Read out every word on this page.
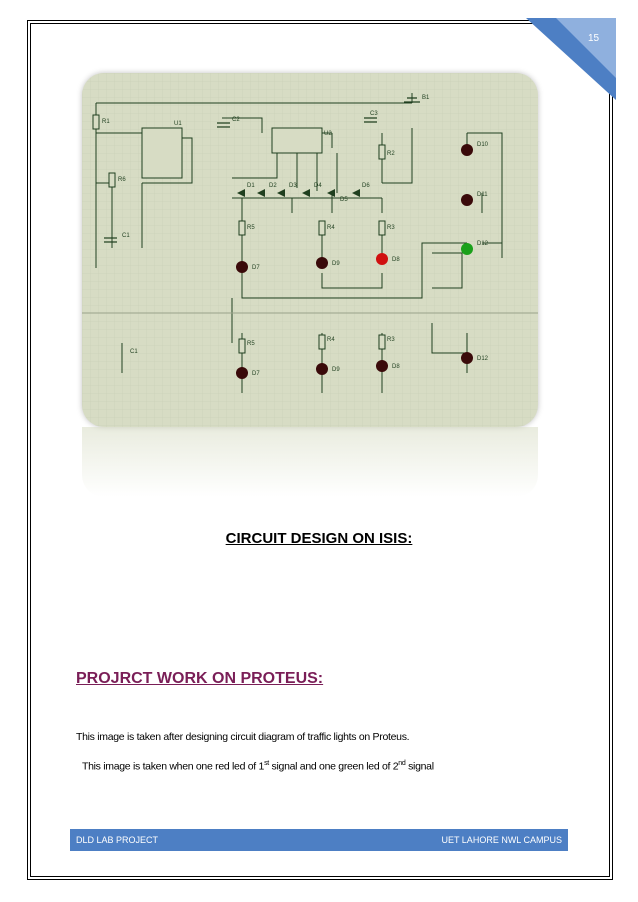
15
R1	U1
C2
U2
C3
B1
R2
R6
C1
D10
D1 D2 D3	D4
D5
D6
D11
D12
R5	R4	R3
D7
D9
D8
R5
R4	R3
C1
D7
D9	D8
D12
CIRCUIT DESIGN ON ISIS:
PROJRCT WORK ON PROTEUS:

This image is taken after designing circuit diagram of traffic lights on Proteus.

This image is taken when one red led of 1st signal and one green led of 2nd signal

DLD LAB PROJECT	UET LAHORE NWL CAMPUS
